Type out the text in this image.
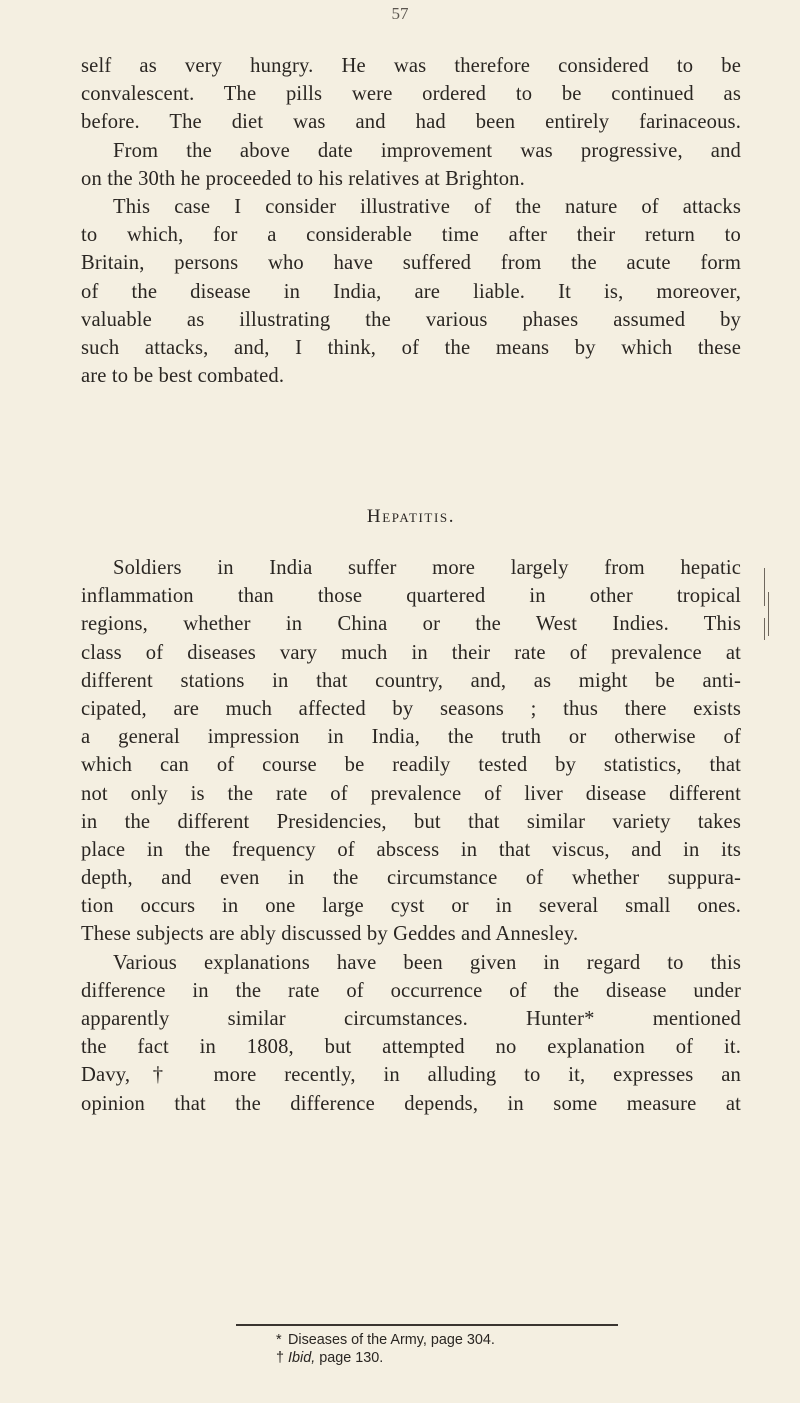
57
self as very hungry. He was therefore considered to be
convalescent. The pills were ordered to be continued as
before. The diet was and had been entirely farinaceous.
From the above date improvement was progressive, and
on the 30th he proceeded to his relatives at Brighton.
This case I consider illustrative of the nature of attacks
to which, for a considerable time after their return to
Britain, persons who have suffered from the acute form
of the disease in India, are liable. It is, moreover,
valuable as illustrating the various phases assumed by
such attacks, and, I think, of the means by which these
are to be best combated.
Hepatitis.
Soldiers in India suffer more largely from hepatic
inflammation than those quartered in other tropical
regions, whether in China or the West Indies. This
class of diseases vary much in their rate of prevalence at
different stations in that country, and, as might be anti-
cipated, are much affected by seasons ; thus there exists
a general impression in India, the truth or otherwise of
which can of course be readily tested by statistics, that
not only is the rate of prevalence of liver disease different
in the different Presidencies, but that similar variety takes
place in the frequency of abscess in that viscus, and in its
depth, and even in the circumstance of whether suppura-
tion occurs in one large cyst or in several small ones.
These subjects are ably discussed by Geddes and Annesley.
Various explanations have been given in regard to this
difference in the rate of occurrence of the disease under
apparently similar circumstances. Hunter* mentioned
the fact in 1808, but attempted no explanation of it.
Davy,† more recently, in alluding to it, expresses an
opinion that the difference depends, in some measure at
* Diseases of the Army, page 304.
† Ibid, page 130.
